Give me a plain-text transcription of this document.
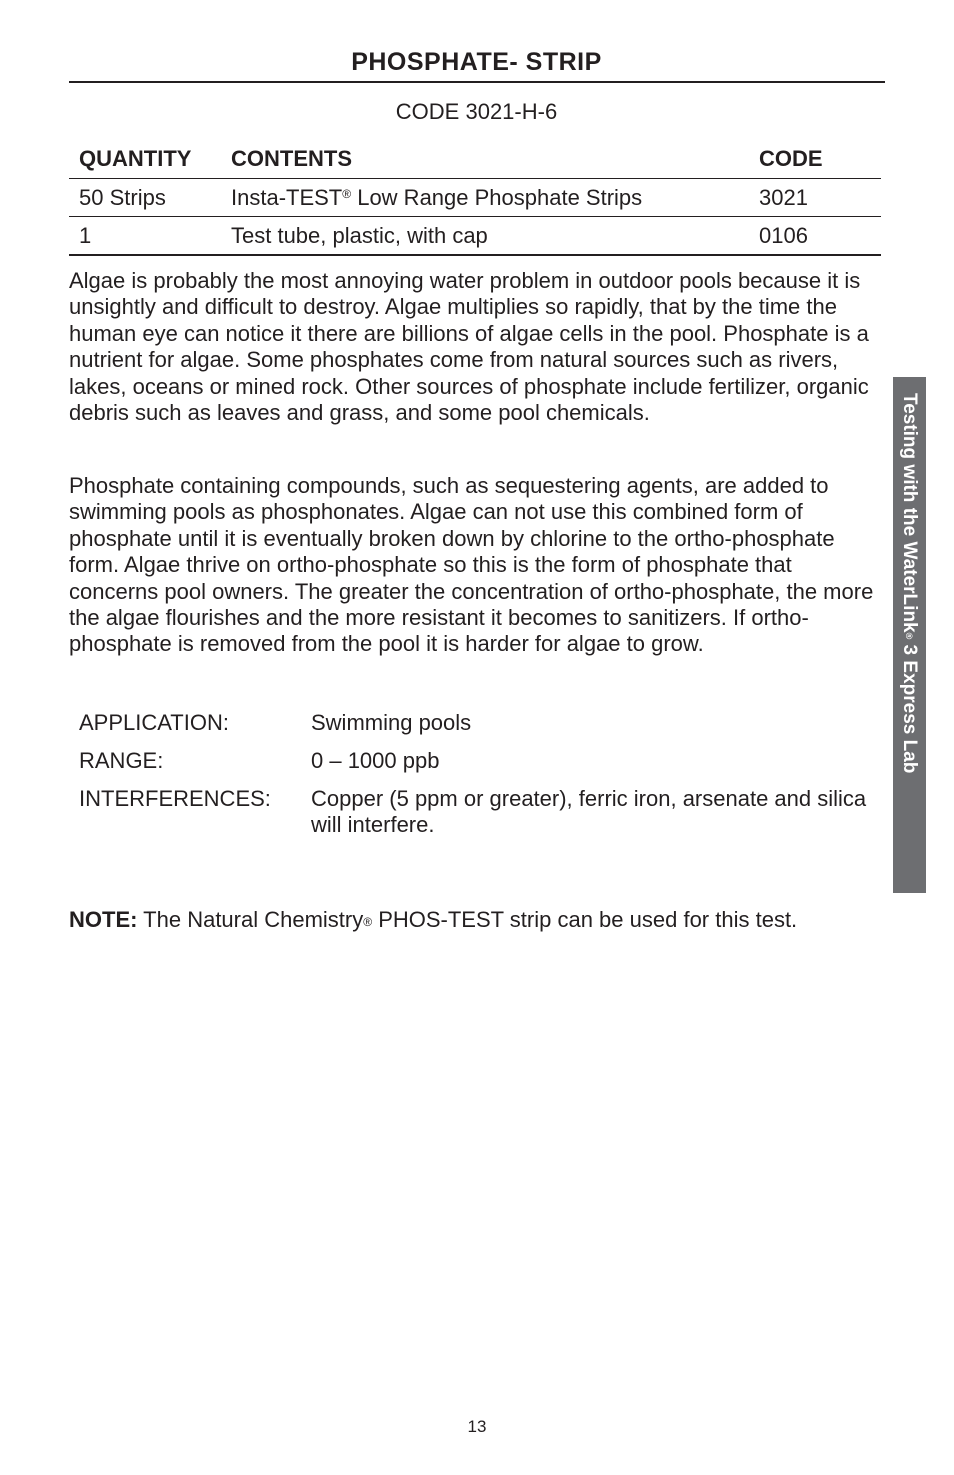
PHOSPHATE- STRIP
CODE 3021-H-6
QUANTITY	CONTENTS	CODE
50 Strips	Insta-TEST® Low Range Phosphate Strips	3021
1	Test tube, plastic, with cap	0106

Algae is probably the most annoying water problem in outdoor pools because it is unsightly and difficult to destroy. Algae multiplies so rapidly, that by the time the human eye can notice it there are billions of algae cells in the pool. Phosphate is a nutrient for algae. Some phosphates come from natural sources such as rivers, lakes, oceans or mined rock. Other sources of phosphate include fertilizer, organic debris such as leaves and grass, and some pool chemicals.

Phosphate containing compounds, such as sequestering agents, are added to swimming pools as phosphonates. Algae can not use this combined form of phosphate until it is eventually broken down by chlorine to the ortho-phosphate form. Algae thrive on ortho-phosphate so this is the form of phosphate that concerns pool owners. The greater the concentration of ortho-phosphate, the more the algae flourishes and the more resistant it becomes to sanitizers. If ortho-phosphate is removed from the pool it is harder for algae to grow.

APPLICATION:	Swimming pools
RANGE:	0 – 1000 ppb
INTERFERENCES:	Copper (5 ppm or greater), ferric iron, arsenate and silica will interfere.

NOTE: The Natural Chemistry® PHOS-TEST strip can be used for this test.

Testing with the WaterLink® 3 Express Lab
13
